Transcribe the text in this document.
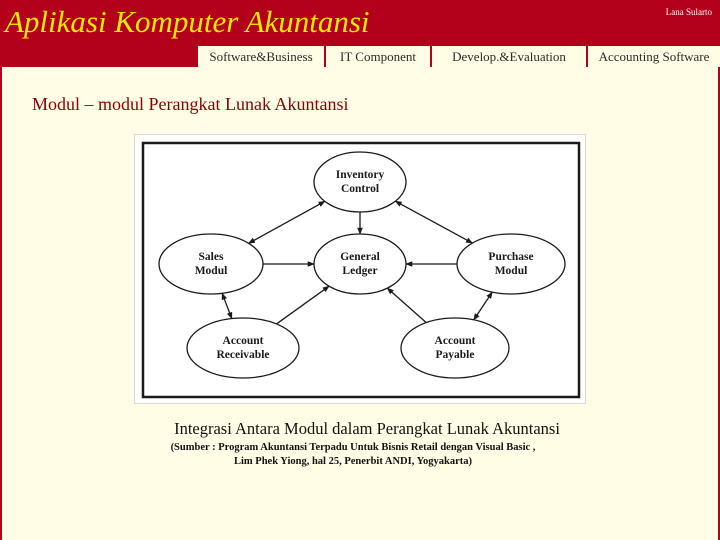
Aplikasi Komputer Akuntansi	Lana Sularto
Software&Business	IT Component	Develop.&Evaluation	Accounting Software
Modul – modul Perangkat Lunak Akuntansi
Inventory
Control
Sales
Modul
General
Ledger
Purchase
Modul
Account
Receivable
Account
Payable
Integrasi Antara Modul dalam Perangkat Lunak Akuntansi
(Sumber : Program Akuntansi Terpadu Untuk Bisnis Retail dengan Visual Basic ,
Lim Phek Yiong, hal 25, Penerbit ANDI, Yogyakarta)
